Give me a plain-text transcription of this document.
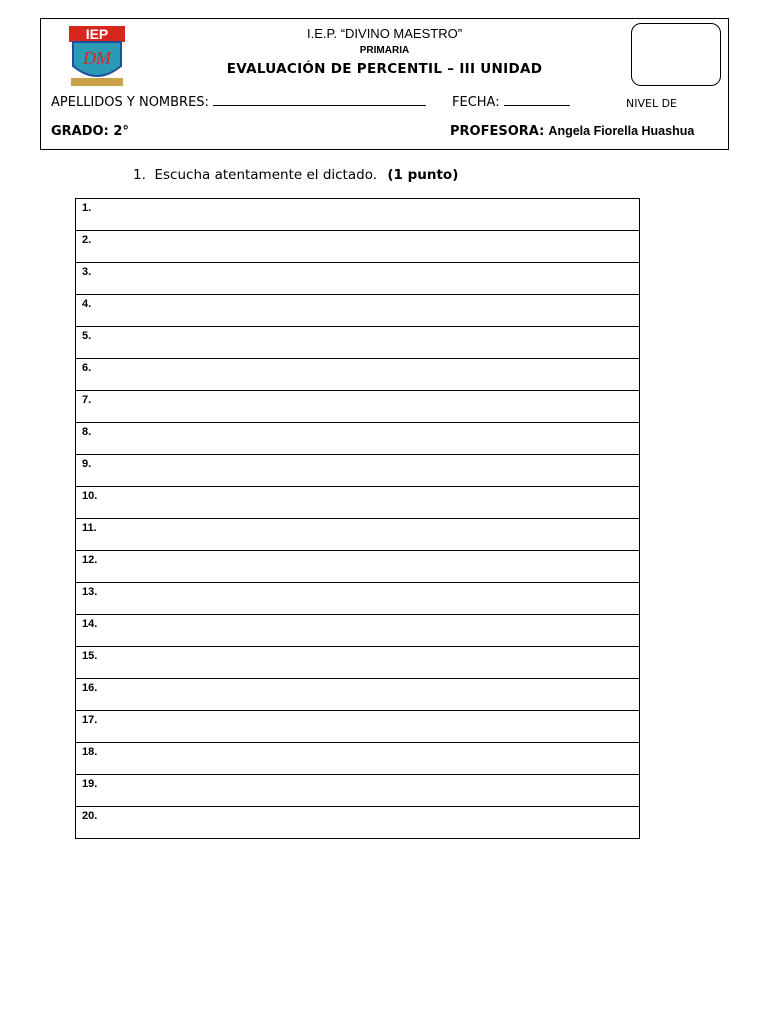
IEP
DM
I.E.P. “DIVINO MAESTRO”
PRIMARIA
EVALUACIÓN DE PERCENTIL – III UNIDAD
NIVEL DE
APELLIDOS Y NOMBRES:	FECHA:
GRADO: 2°	PROFESORA: Angela Fiorella Huashua
1. Escucha atentamente el dictado. (1 punto)
1.
2.
3.
4.
5.
6.
7.
8.
9.
10.
11.
12.
13.
14.
15.
16.
17.
18.
19.
20.
